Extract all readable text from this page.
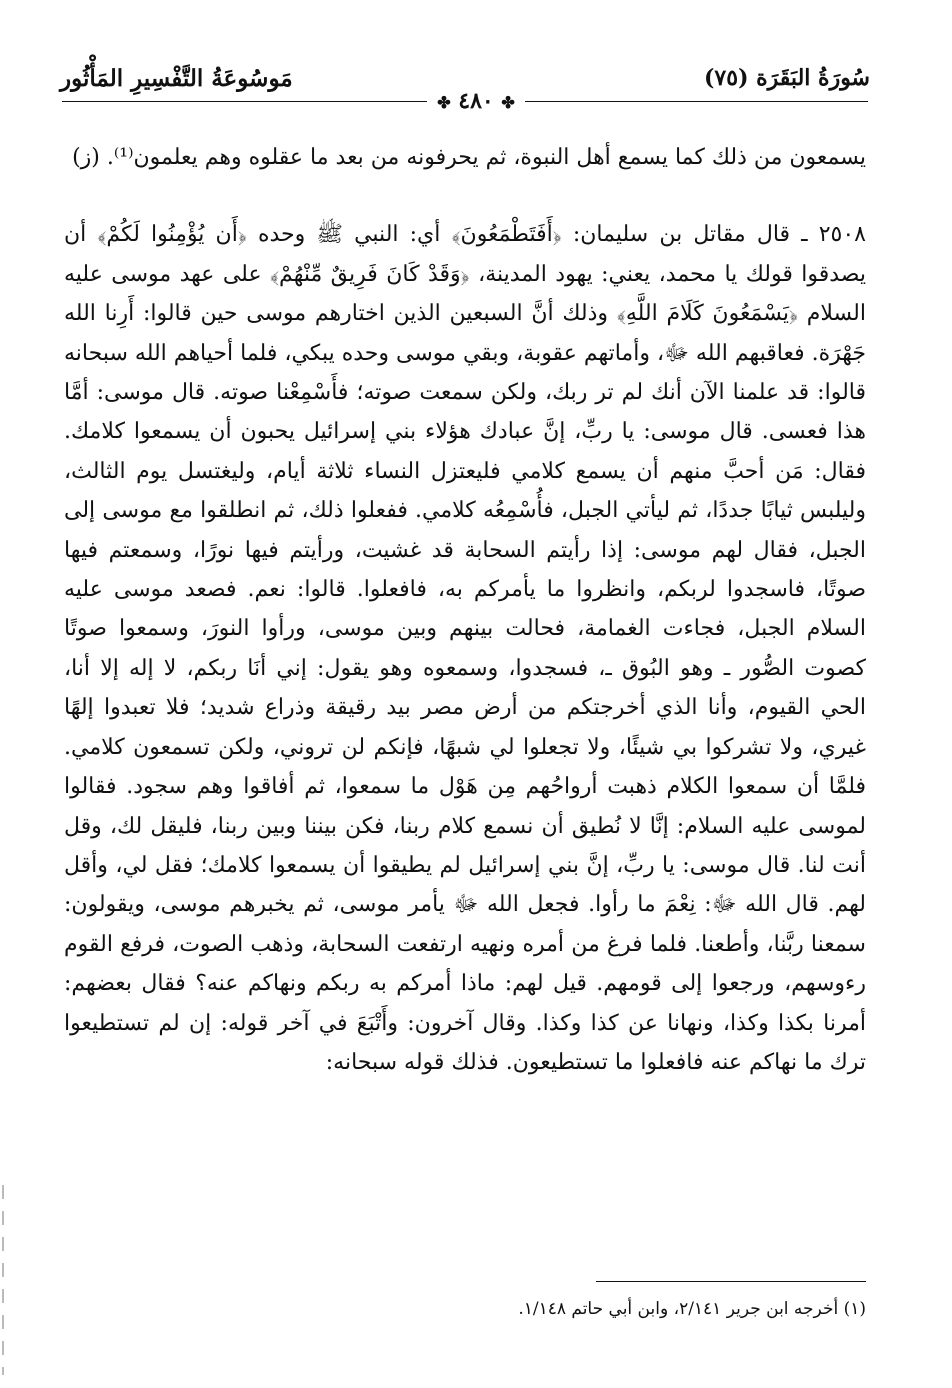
سُورَةُ البَقَرَة (٧٥)
مَوسُوعَةُ التَّفْسِيرِ المَأْثُور
✤ ٤٨٠ ✤

يسمعون من ذلك كما يسمع أهل النبوة، ثم يحرفونه من بعد ما عقلوه وهم يعلمون⁽¹⁾. (ز)

٢٥٠٨ ـ قال مقاتل بن سليمان: ﴿أَفَتَطْمَعُونَ﴾ أي: النبي ﷺ وحده ﴿أَن يُؤْمِنُوا لَكُمْ﴾ أن يصدقوا قولك يا محمد، يعني: يهود المدينة، ﴿وَقَدْ كَانَ فَرِيقٌ مِّنْهُمْ﴾ على عهد موسى عليه السلام ﴿يَسْمَعُونَ كَلَامَ اللَّهِ﴾ وذلك أنَّ السبعين الذين اختارهم موسى حين قالوا: أَرِنا الله جَهْرَة. فعاقبهم الله ﷻ، وأماتهم عقوبة، وبقي موسى وحده يبكي، فلما أحياهم الله سبحانه قالوا: قد علمنا الآن أنك لم تر ربك، ولكن سمعت صوته؛ فأَسْمِعْنا صوته. قال موسى: أمَّا هذا فعسى. قال موسى: يا ربِّ، إنَّ عبادك هؤلاء بني إسرائيل يحبون أن يسمعوا كلامك. فقال: مَن أحبَّ منهم أن يسمع كلامي فليعتزل النساء ثلاثة أيام، وليغتسل يوم الثالث، وليلبس ثيابًا جددًا، ثم ليأتي الجبل، فأُسْمِعُه كلامي. ففعلوا ذلك، ثم انطلقوا مع موسى إلى الجبل، فقال لهم موسى: إذا رأيتم السحابة قد غشيت، ورأيتم فيها نورًا، وسمعتم فيها صوتًا، فاسجدوا لربكم، وانظروا ما يأمركم به، فافعلوا. قالوا: نعم. فصعد موسى عليه السلام الجبل، فجاءت الغمامة، فحالت بينهم وبين موسى، ورأوا النورَ، وسمعوا صوتًا كصوت الصُّور ـ وهو البُوق ـ، فسجدوا، وسمعوه وهو يقول: إني أنَا ربكم، لا إله إلا أنا، الحي القيوم، وأنا الذي أخرجتكم من أرض مصر بيد رقيقة وذراع شديد؛ فلا تعبدوا إلهًا غيري، ولا تشركوا بي شيئًا، ولا تجعلوا لي شبهًا، فإنكم لن تروني، ولكن تسمعون كلامي. فلمَّا أن سمعوا الكلام ذهبت أرواحُهم مِن هَوْل ما سمعوا، ثم أفاقوا وهم سجود. فقالوا لموسى عليه السلام: إنَّا لا نُطيق أن نسمع كلام ربنا، فكن بيننا وبين ربنا، فليقل لك، وقل أنت لنا. قال موسى: يا ربِّ، إنَّ بني إسرائيل لم يطيقوا أن يسمعوا كلامك؛ فقل لي، وأقل لهم. قال الله ﷻ: نِعْمَ ما رأوا. فجعل الله ﷻ يأمر موسى، ثم يخبرهم موسى، ويقولون: سمعنا ربَّنا، وأطعنا. فلما فرغ من أمره ونهيه ارتفعت السحابة، وذهب الصوت، فرفع القوم رءوسهم، ورجعوا إلى قومهم. قيل لهم: ماذا أمركم به ربكم ونهاكم عنه؟ فقال بعضهم: أمرنا بكذا وكذا، ونهانا عن كذا وكذا. وقال آخرون: وأَتْبَعَ في آخر قوله: إن لم تستطيعوا ترك ما نهاكم عنه فافعلوا ما تستطيعون. فذلك قوله سبحانه:

(١) أخرجه ابن جرير ٢/١٤١، وابن أبي حاتم ١/١٤٨.
